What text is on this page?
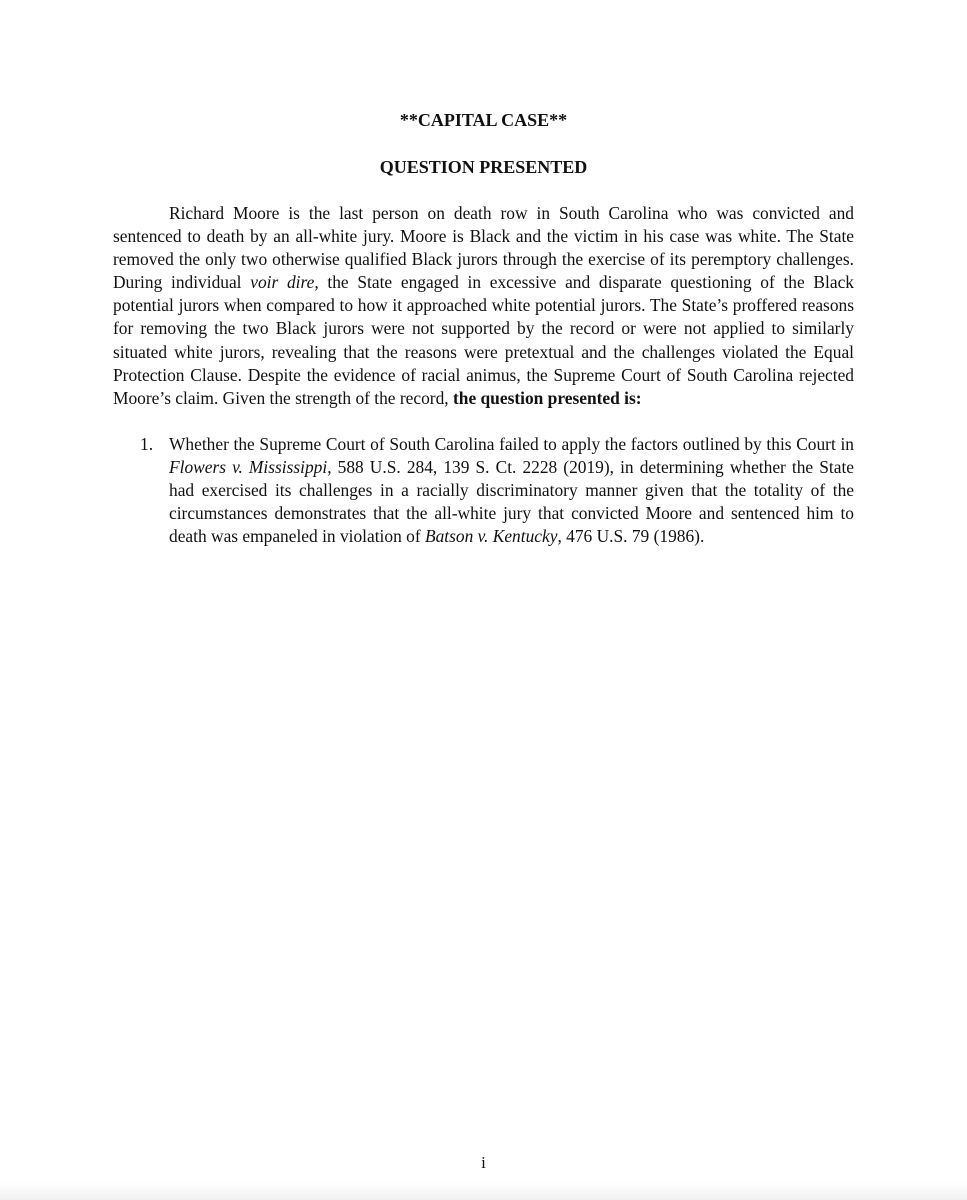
**CAPITAL CASE**
QUESTION PRESENTED

Richard Moore is the last person on death row in South Carolina who was convicted and sentenced to death by an all-white jury. Moore is Black and the victim in his case was white. The State removed the only two otherwise qualified Black jurors through the exercise of its peremptory challenges. During individual voir dire, the State engaged in excessive and disparate questioning of the Black potential jurors when compared to how it approached white potential jurors. The State’s proffered reasons for removing the two Black jurors were not supported by the record or were not applied to similarly situated white jurors, revealing that the reasons were pretextual and the challenges violated the Equal Protection Clause. Despite the evidence of racial animus, the Supreme Court of South Carolina rejected Moore’s claim. Given the strength of the record, the question presented is:

1. Whether the Supreme Court of South Carolina failed to apply the factors outlined by this Court in Flowers v. Mississippi, 588 U.S. 284, 139 S. Ct. 2228 (2019), in determining whether the State had exercised its challenges in a racially discriminatory manner given that the totality of the circumstances demonstrates that the all-white jury that convicted Moore and sentenced him to death was empaneled in violation of Batson v. Kentucky, 476 U.S. 79 (1986).
i
